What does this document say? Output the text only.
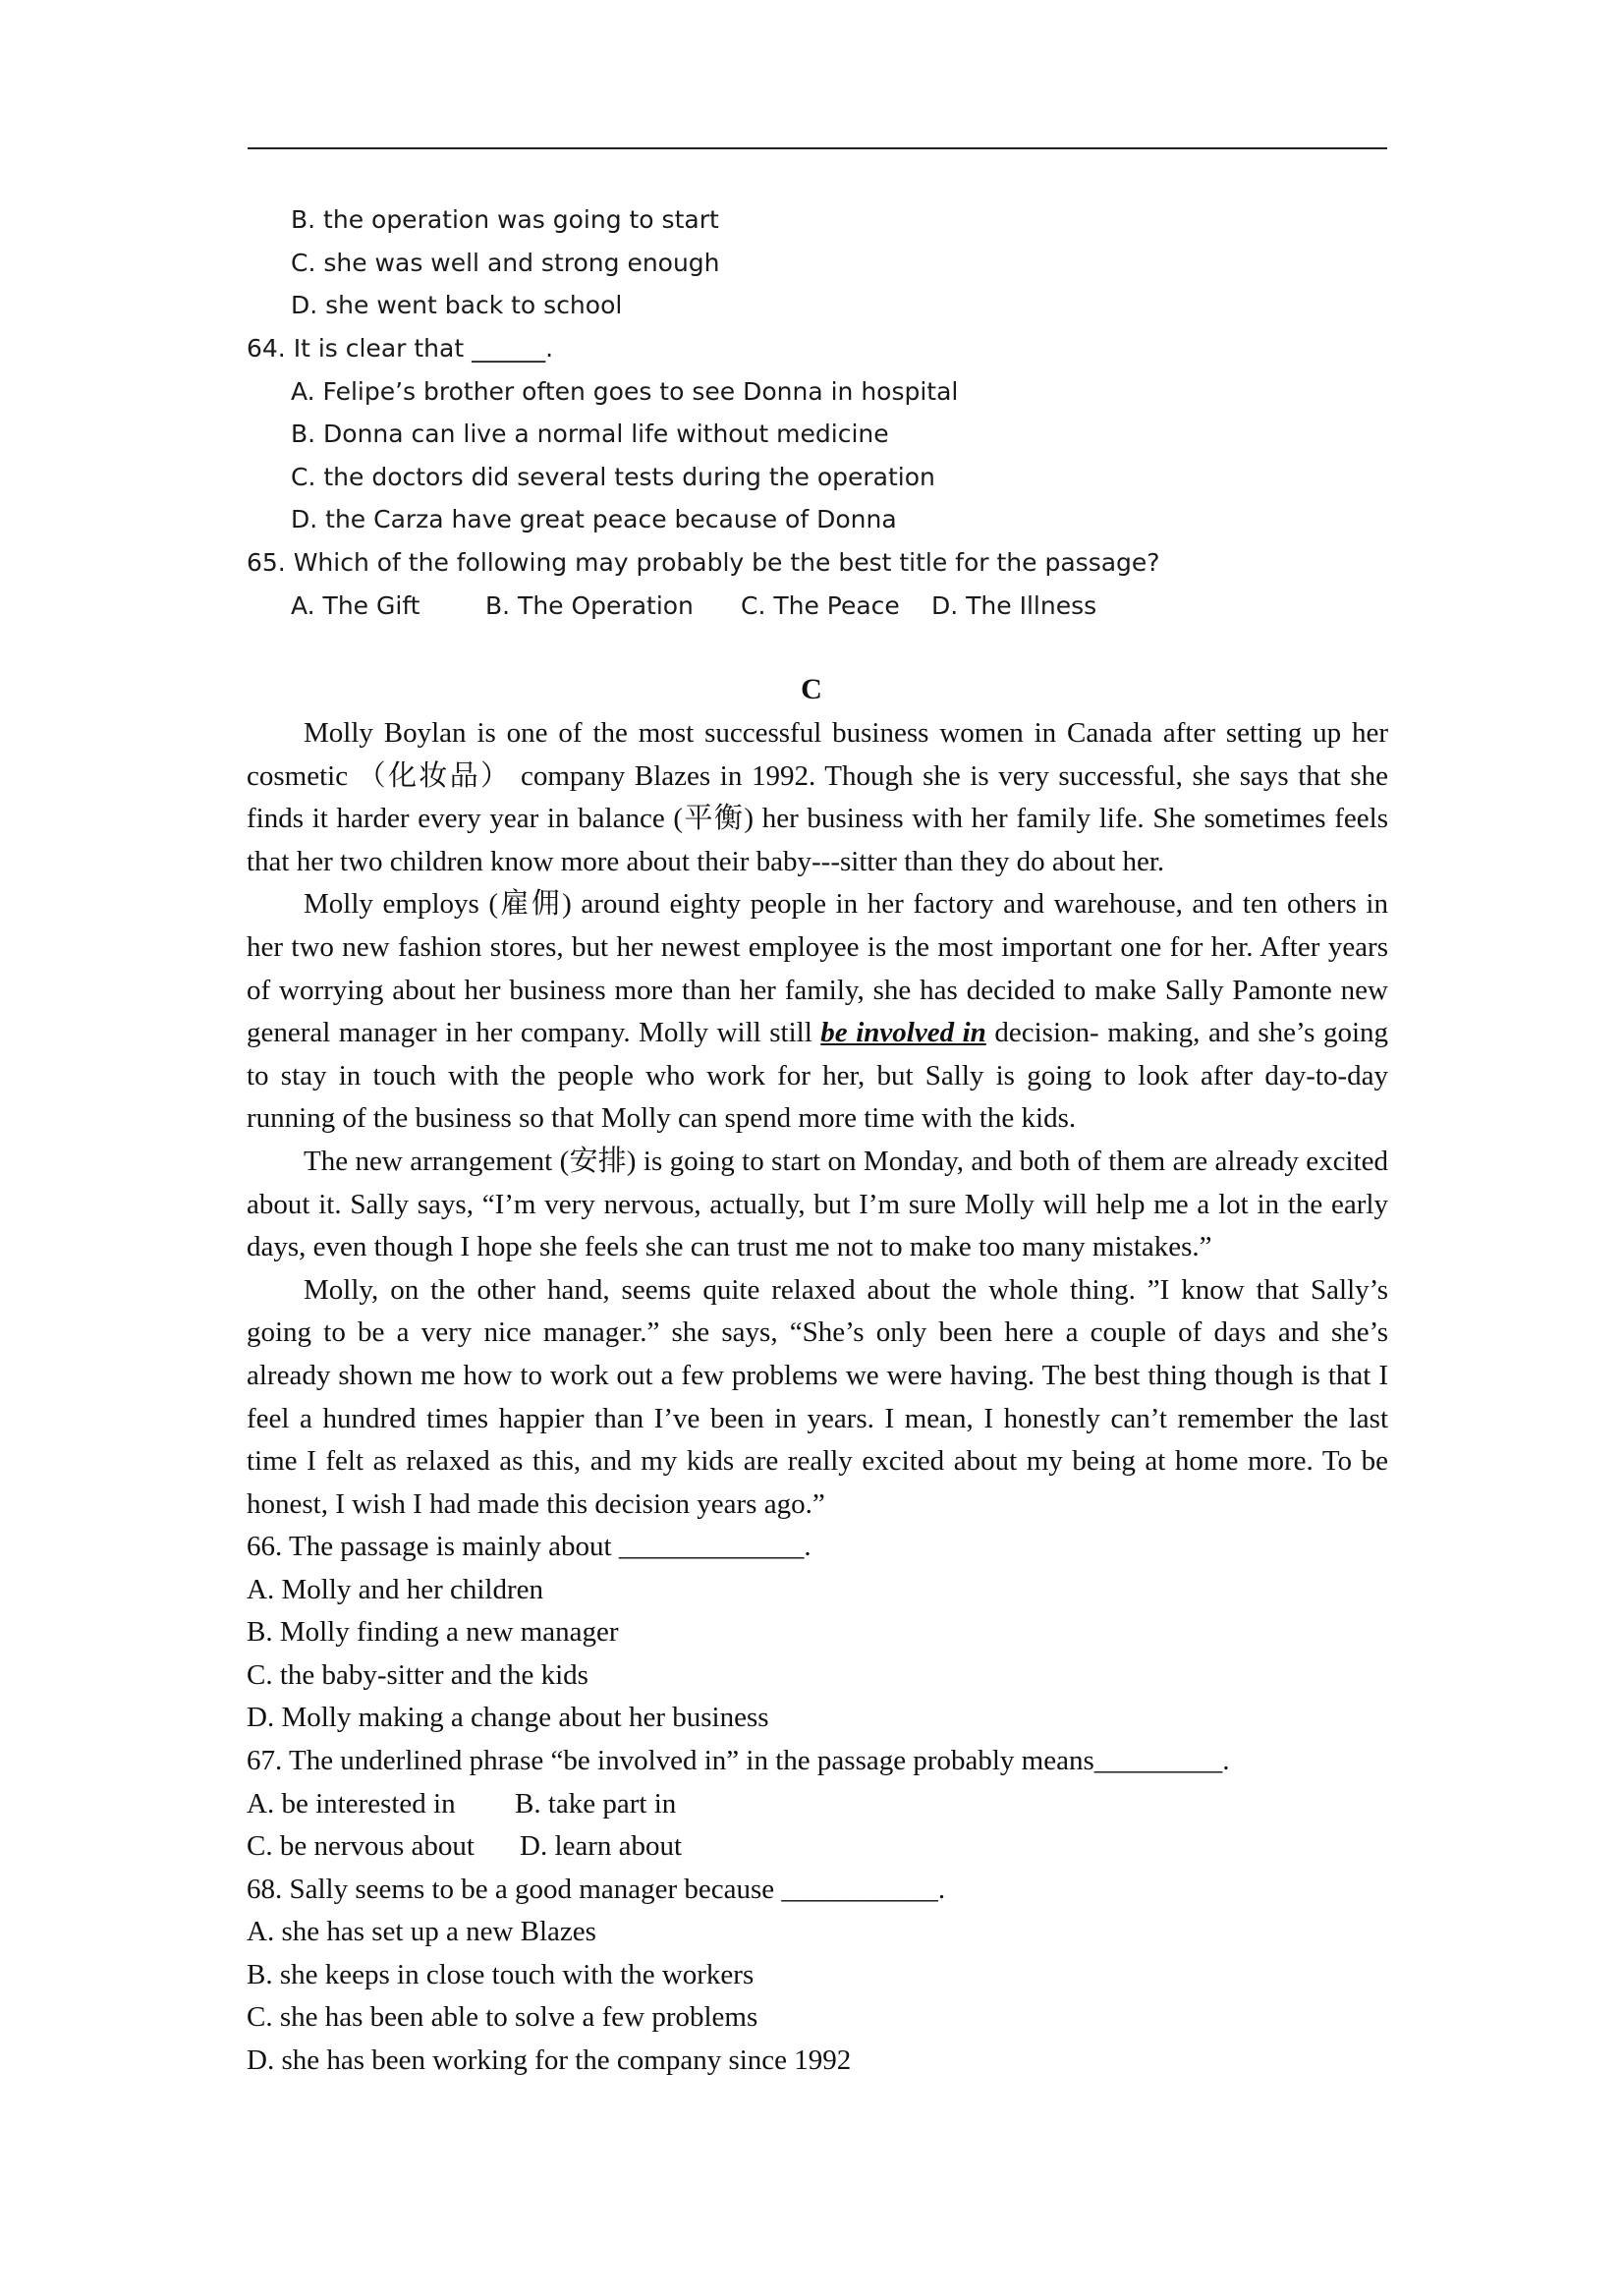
B. the operation was going to start
C. she was well and strong enough
D. she went back to school
64. It is clear that ______.
A. Felipe’s brother often goes to see Donna in hospital
B. Donna can live a normal life without medicine
C. the doctors did several tests during the operation
D. the Carza have great peace because of Donna
65. Which of the following may probably be the best title for the passage?
A. The Gift	B. The Operation C. The Peace D. The Illness
C

Molly Boylan is one of the most successful business women in Canada after setting up her cosmetic （化妆品） company Blazes in 1992. Though she is very successful, she says that she finds it harder every year in balance (平衡) her business with her family life. She sometimes feels that her two children know more about their baby---sitter than they do about her.

Molly employs (雇佣) around eighty people in her factory and warehouse, and ten others in her two new fashion stores, but her newest employee is the most important one for her. After years of worrying about her business more than her family, she has decided to make Sally Pamonte new general manager in her company. Molly will still be involved in decision- making, and she’s going to stay in touch with the people who work for her, but Sally is going to look after day-to-day running of the business so that Molly can spend more time with the kids.

The new arrangement (安排) is going to start on Monday, and both of them are already excited about it. Sally says, “I’m very nervous, actually, but I’m sure Molly will help me a lot in the early days, even though I hope she feels she can trust me not to make too many mistakes.”

Molly, on the other hand, seems quite relaxed about the whole thing. ”I know that Sally’s going to be a very nice manager.” she says, “She’s only been here a couple of days and she’s already shown me how to work out a few problems we were having. The best thing though is that I feel a hundred times happier than I’ve been in years. I mean, I honestly can’t remember the last time I felt as relaxed as this, and my kids are really excited about my being at home more. To be honest, I wish I had made this decision years ago.”

66. The passage is mainly about _____________.
A. Molly and her children
B. Molly finding a new manager
C. the baby-sitter and the kids
D. Molly making a change about her business
67. The underlined phrase “be involved in” in the passage probably means_________.
A. be interested in B. take part in
C. be nervous about D. learn about
68. Sally seems to be a good manager because ___________.
A. she has set up a new Blazes
B. she keeps in close touch with the workers
C. she has been able to solve a few problems
D. she has been working for the company since 1992
